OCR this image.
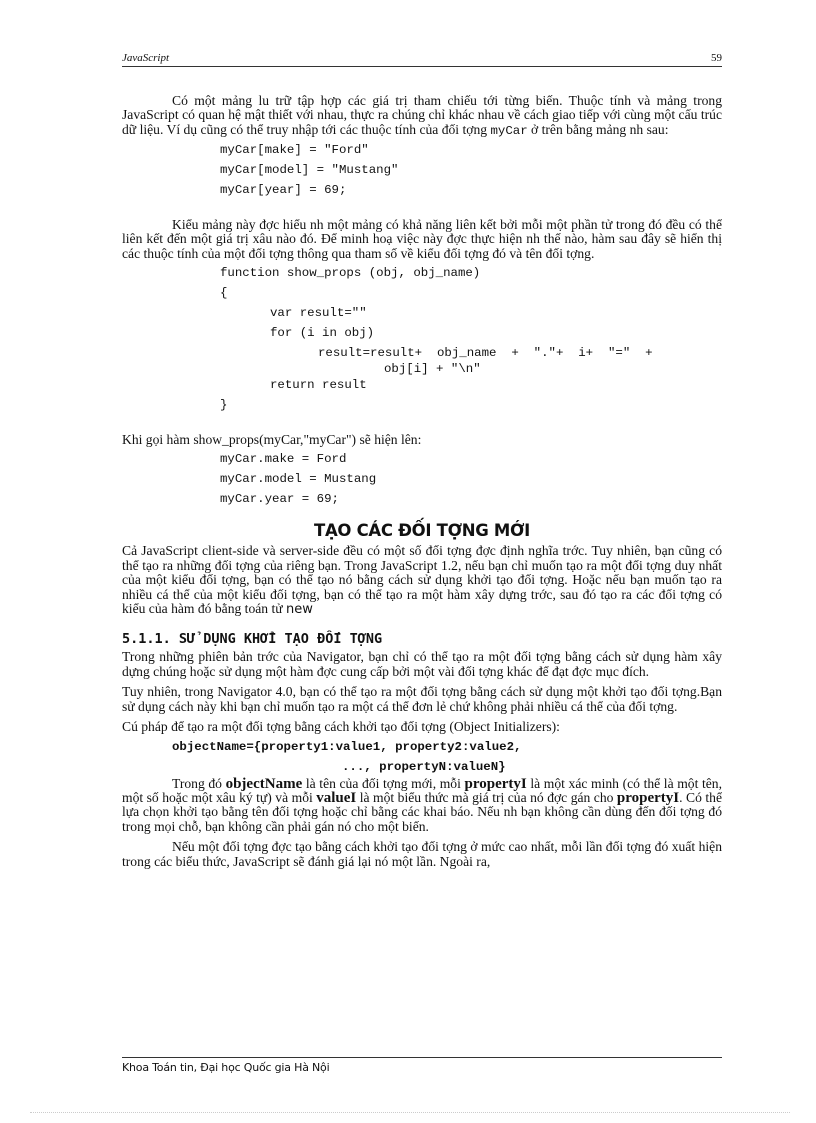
JavaScript	59

Có một mảng lu trữ tập hợp các giá trị tham chiếu tới từng biến. Thuộc tính và mảng trong JavaScript có quan hệ mật thiết với nhau, thực ra chúng chỉ khác nhau về cách giao tiếp với cùng một cấu trúc dữ liệu. Ví dụ cũng có thể truy nhập tới các thuộc tính của đối tợng myCar ở trên bằng mảng nh sau:

myCar[make] = "Ford"
myCar[model] = "Mustang"
myCar[year] = 69;

Kiểu mảng này đợc hiểu nh một mảng có khả năng liên kết bởi mỗi một phần tử trong đó đều có thể liên kết đến một giá trị xâu nào đó. Để minh hoạ việc này đợc thực hiện nh thế nào, hàm sau đây sẽ hiển thị các thuộc tính của một đối tợng thông qua tham số về kiểu đối tợng đó và tên đối tợng.

function show_props (obj, obj_name)
{
var result=""
for (i in obj)
result=result+  obj_name  +  "."+  i+  "="  +
obj[i] + "\n"
return result
}

Khi gọi hàm show_props(myCar,"myCar") sẽ hiện lên:

myCar.make = Ford
myCar.model = Mustang
myCar.year = 69;
TẠO CÁC ĐỐI TỢNG MỚI

Cả JavaScript client-side và server-side đều có một số đối tợng đợc định nghĩa trớc. Tuy nhiên, bạn cũng có thể tạo ra những đối tợng của riêng bạn. Trong JavaScript 1.2, nếu bạn chỉ muốn tạo ra một đối tợng duy nhất của một kiểu đối tợng, bạn có thể tạo nó bằng cách sử dụng khởi tạo đối tợng. Hoặc nếu bạn muốn tạo ra nhiều cá thể của một kiểu đối tợng, bạn có thể tạo ra một hàm xây dựng trớc, sau đó tạo ra các đối tợng có kiểu của hàm đó bằng toán tử new

5.1.1. SỬ DỤNG KHỞI TẠO ĐỐI TỢNG

Trong những phiên bản trớc của Navigator, bạn chỉ có thể tạo ra một đối tợng bằng cách sử dụng hàm xây dựng chúng hoặc sử dụng một hàm đợc cung cấp bởi một vài đối tợng khác để đạt đợc mục đích.

Tuy nhiên, trong Navigator 4.0, bạn có thể tạo ra một đối tợng bằng cách sử dụng một khởi tạo đối tợng.Bạn sử dụng cách này khi bạn chỉ muốn tạo ra một cá thể đơn lẻ chứ không phải nhiều cá thể của đối tợng.

Cú pháp để tạo ra một đối tợng bằng cách khởi tạo đối tợng (Object Initializers):

objectName={property1:value1, property2:value2,
..., propertyN:valueN}

Trong đó objectName là tên của đối tợng mới, mỗi propertyI là một xác minh (có thể là một tên, một số hoặc một xâu ký tự) và mỗi valueI là một biểu thức mà giá trị của nó đợc gán cho propertyI. Có thể lựa chọn khởi tạo bằng tên đối tợng hoặc chỉ bằng các khai báo. Nếu nh bạn không cần dùng đến đối tợng đó trong mọi chỗ, bạn không cần phải gán nó cho một biến.

Nếu một đối tợng đợc tạo bằng cách khởi tạo đối tợng ở mức cao nhất, mỗi lần đối tợng đó xuất hiện trong các biểu thức, JavaScript sẽ đánh giá lại nó một lần. Ngoài ra,

Khoa Toán tin, Đại học Quốc gia Hà Nội
